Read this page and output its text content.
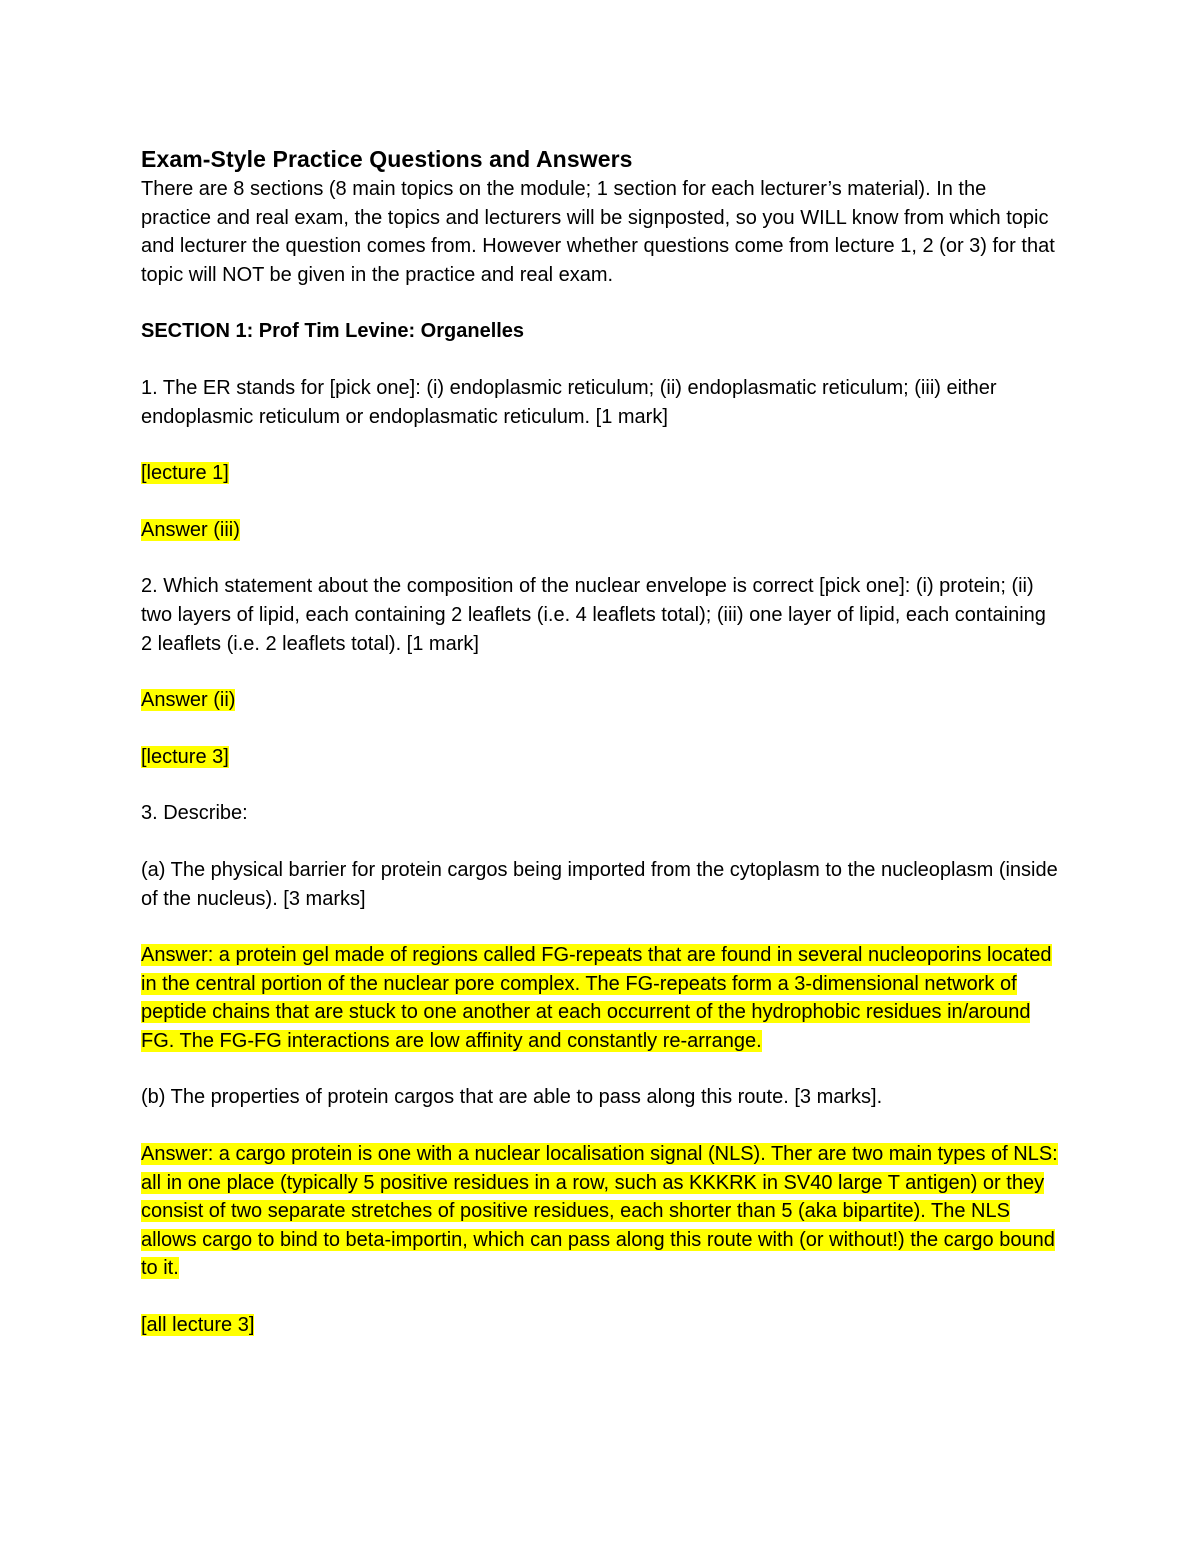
Exam-Style Practice Questions and Answers

There are 8 sections (8 main topics on the module; 1 section for each lecturer’s material). In the practice and real exam, the topics and lecturers will be signposted, so you WILL know from which topic and lecturer the question comes from. However whether questions come from lecture 1, 2 (or 3) for that topic will NOT be given in the practice and real exam.

SECTION 1: Prof Tim Levine: Organelles

1. The ER stands for [pick one]: (i) endoplasmic reticulum; (ii) endoplasmatic reticulum; (iii) either endoplasmic reticulum or endoplasmatic reticulum. [1 mark]

[lecture 1]

Answer (iii)

2. Which statement about the composition of the nuclear envelope is correct [pick one]: (i) protein; (ii) two layers of lipid, each containing 2 leaflets (i.e. 4 leaflets total); (iii) one layer of lipid, each containing 2 leaflets (i.e. 2 leaflets total). [1 mark]

Answer (ii)

[lecture 3]

3. Describe:

(a) The physical barrier for protein cargos being imported from the cytoplasm to the nucleoplasm (inside of the nucleus). [3 marks]

Answer: a protein gel made of regions called FG-repeats that are found in several nucleoporins located in the central portion of the nuclear pore complex. The FG-repeats form a 3-dimensional network of peptide chains that are stuck to one another at each occurrent of the hydrophobic residues in/around FG. The FG-FG interactions are low affinity and constantly re-arrange.

(b) The properties of protein cargos that are able to pass along this route. [3 marks].

Answer: a cargo protein is one with a nuclear localisation signal (NLS). Ther are two main types of NLS: all in one place (typically 5 positive residues in a row, such as KKKRK in SV40 large T antigen) or they consist of two separate stretches of positive residues, each shorter than 5 (aka bipartite). The NLS allows cargo to bind to beta-importin, which can pass along this route with (or without!) the cargo bound to it.

[all lecture 3]
